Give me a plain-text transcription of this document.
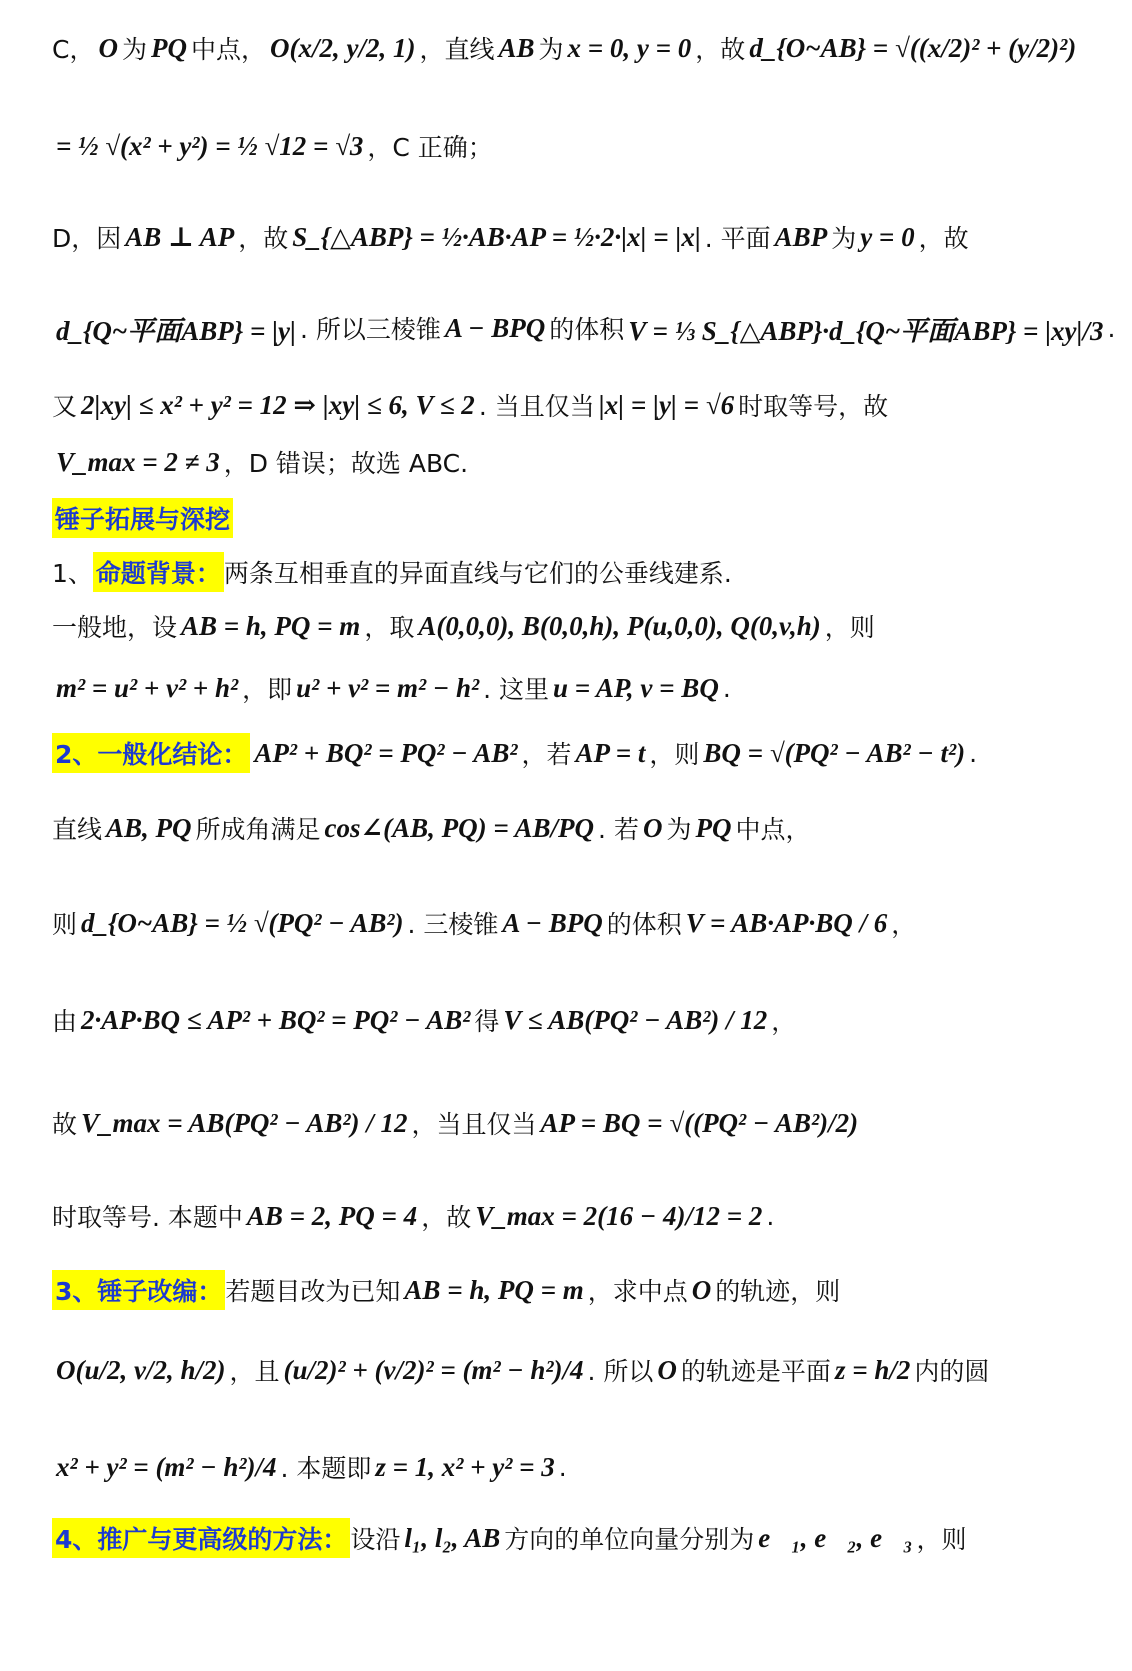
C， O 为 PQ 中点， O(x/2, y/2, 1) ，直线 AB 为 x = 0, y = 0 ，故 d_{O~AB} = √((x/2)² + (y/2)²)
= ½ √(x² + y²) = ½ √12 = √3 ，C 正确；
D，因 AB ⊥ AP ，故 S_{△ABP} = ½·AB·AP = ½·2·|x| = |x| . 平面 ABP 为 y = 0 ，故
d_{Q~平面ABP} = |y| . 所以三棱锥 A − BPQ 的体积 V = ⅓ S_{△ABP}·d_{Q~平面ABP} = |xy|/3 .
又 2|xy| ≤ x² + y² = 12 ⇒ |xy| ≤ 6, V ≤ 2 . 当且仅当 |x| = |y| = √6 时取等号，故
V_max = 2 ≠ 3 ，D 错误；故选 ABC.
锤子拓展与深挖
1、 命题背景： 两条互相垂直的异面直线与它们的公垂线建系.
一般地，设 AB = h, PQ = m ，取 A(0,0,0), B(0,0,h), P(u,0,0), Q(0,v,h) ，则
m² = u² + v² + h² ，即 u² + v² = m² − h² . 这里 u = AP, v = BQ .
2、一般化结论： AP² + BQ² = PQ² − AB² ，若 AP = t ，则 BQ = √(PQ² − AB² − t²) .
直线 AB, PQ 所成角满足 cos∠(AB, PQ) = AB/PQ . 若 O 为 PQ 中点，
则 d_{O~AB} = ½ √(PQ² − AB²) . 三棱锥 A − BPQ 的体积 V = AB·AP·BQ / 6 ，
由 2·AP·BQ ≤ AP² + BQ² = PQ² − AB² 得 V ≤ AB(PQ² − AB²) / 12 ，
故 V_max = AB(PQ² − AB²) / 12 ，当且仅当 AP = BQ = √((PQ² − AB²)/2)
时取等号. 本题中 AB = 2, PQ = 4 ，故 V_max = 2(16 − 4)/12 = 2 .
3、锤子改编： 若题目改为已知 AB = h, PQ = m ，求中点 O 的轨迹，则
O(u/2, v/2, h/2) ，且 (u/2)² + (v/2)² = (m² − h²)/4 . 所以 O 的轨迹是平面 z = h/2 内的圆
x² + y² = (m² − h²)/4 . 本题即 z = 1, x² + y² = 3 .
4、推广与更高级的方法： 设沿 l₁, l₂, AB 方向的单位向量分别为 e⃗₁, e⃗₂, e⃗₃ ，则
